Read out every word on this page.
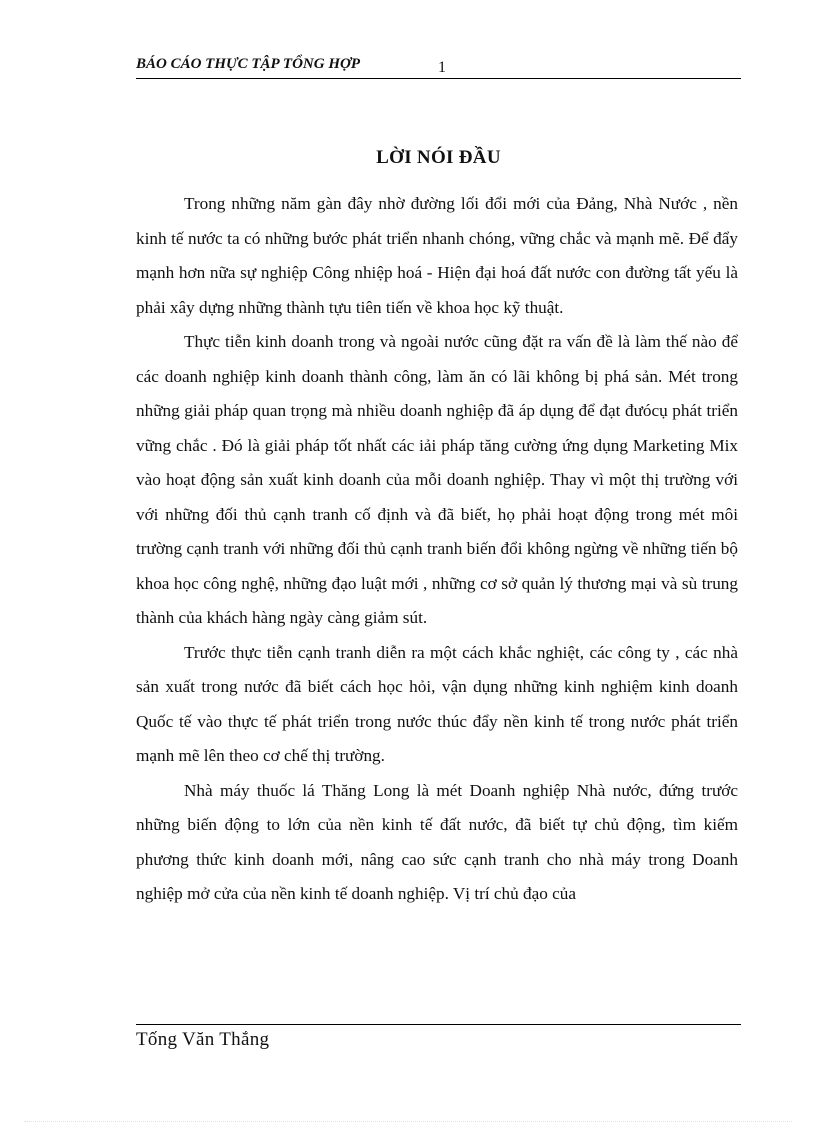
BÁO CÁO THỰC TẬP TỔNG HỢP	1
LỜI NÓI ĐẦU

Trong những năm gàn đây nhờ đường lối đổi mới của Đảng, Nhà Nước , nền kinh tế nước ta có những bước phát triển nhanh chóng, vững chắc và mạnh mẽ. Để đẩy mạnh hơn nữa sự nghiệp Công nhiệp hoá - Hiện đại hoá đất nước con đường tất yếu là phải xây dựng những thành tựu tiên tiến về khoa học kỹ thuật.

Thực tiễn kinh doanh trong và ngoài nước cũng đặt ra vấn đề là làm thế nào để các doanh nghiệp kinh doanh thành công, làm ăn có lãi không bị phá sản. Mét trong những giải pháp quan trọng mà nhiều doanh nghiệp đã áp dụng để đạt đưócụ phát triển vững chắc . Đó là giải pháp tốt nhất các iải pháp tăng cường ứng dụng Marketing Mix vào hoạt động sản xuất kinh doanh của mỗi doanh nghiệp. Thay vì một thị trường với với những đối thủ cạnh tranh cố định và đã biết, họ phải hoạt động trong mét môi trường cạnh tranh với những đối thủ cạnh tranh biến đổi không ngừng về những tiến bộ khoa học công nghệ, những đạo luật mới , những cơ sở quản lý thương mại và sù trung thành của khách hàng ngày càng giảm sút.

Trước thực tiễn cạnh tranh diễn ra một cách khắc nghiệt, các công ty , các nhà sản xuất trong nước đã biết cách học hỏi, vận dụng những kinh nghiệm kinh doanh Quốc tế vào thực tế phát triển trong nước thúc đẩy nền kinh tế trong nước phát triển mạnh mẽ lên theo cơ chế thị trường.

Nhà máy thuốc lá Thăng Long là mét Doanh nghiệp Nhà nước, đứng trước những biến động to lớn của nền kinh tế đất nước, đã biết tự chủ động, tìm kiếm phương thức kinh doanh mới, nâng cao sức cạnh tranh cho nhà máy trong Doanh nghiệp mở cửa của nền kinh tế doanh nghiệp. Vị trí chủ đạo của

Tống Văn Thắng
